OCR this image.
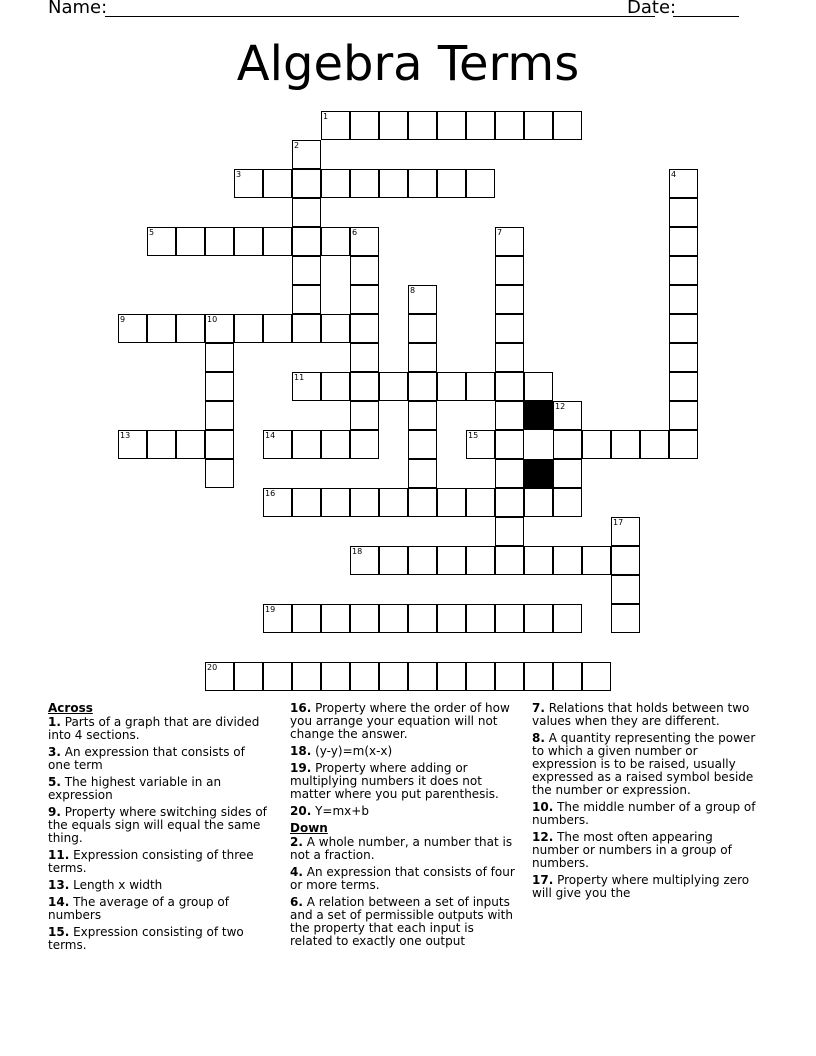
Name:	Date:
Algebra Terms
1
3
5
9	10
11
13	14	15
16
18
19
20
2
4
6	7
8
12
17
Across
1. Parts of a graph that are divided into 4 sections.
3. An expression that consists of one term
5. The highest variable in an expression
9. Property where switching sides of the equals sign will equal the same thing.
11. Expression consisting of three terms.
13. Length x width
14. The average of a group of numbers
15. Expression consisting of two terms.
16. Property where the order of how you arrange your equation will not change the answer.
18. (y-y)=m(x-x)
19. Property where adding or multiplying numbers it does not matter where you put parenthesis.
20. Y=mx+b
Down
2. A whole number, a number that is not a fraction.
4. An expression that consists of four or more terms.
6. A relation between a set of inputs and a set of permissible outputs with the property that each input is related to exactly one output
7. Relations that holds between two values when they are different.
8. A quantity representing the power to which a given number or expression is to be raised, usually expressed as a raised symbol beside the number or expression.
10. The middle number of a group of numbers.
12. The most often appearing number or numbers in a group of numbers.
17. Property where multiplying zero will give you the
